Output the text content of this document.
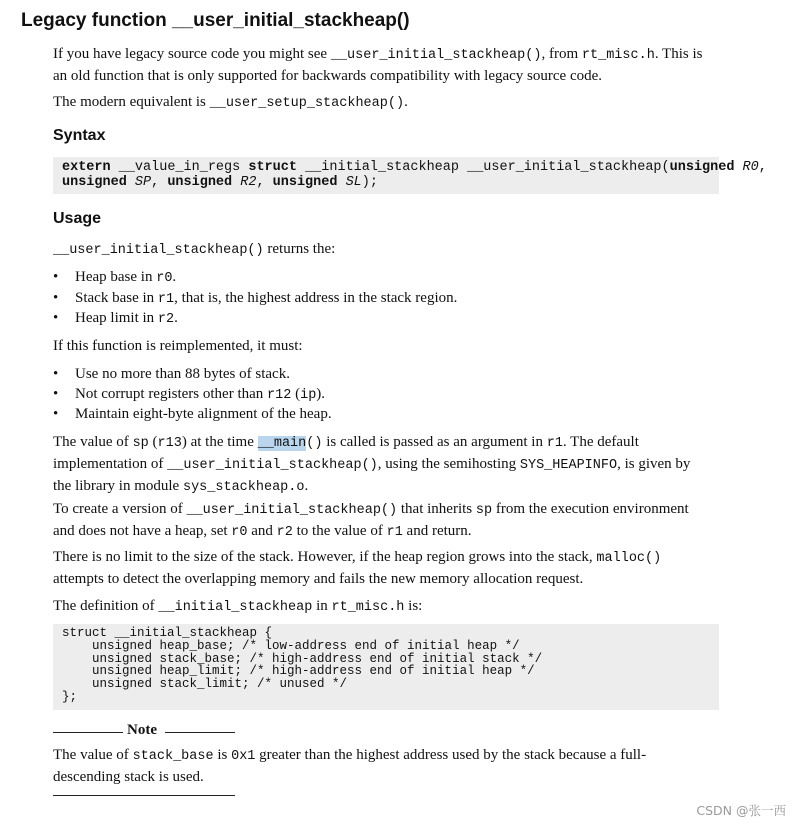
Legacy function __user_initial_stackheap()
If you have legacy source code you might see __user_initial_stackheap(), from rt_misc.h. This is
an old function that is only supported for backwards compatibility with legacy source code.
The modern equivalent is __user_setup_stackheap().
Syntax
extern __value_in_regs struct __initial_stackheap __user_initial_stackheap(unsigned R0,
unsigned SP, unsigned R2, unsigned SL);
Usage
__user_initial_stackheap() returns the:
• Heap base in r0.
• Stack base in r1, that is, the highest address in the stack region.
• Heap limit in r2.
If this function is reimplemented, it must:
• Use no more than 88 bytes of stack.
• Not corrupt registers other than r12 (ip).
• Maintain eight-byte alignment of the heap.
The value of sp (r13) at the time __main() is called is passed as an argument in r1. The default
implementation of __user_initial_stackheap(), using the semihosting SYS_HEAPINFO, is given by
the library in module sys_stackheap.o.
To create a version of __user_initial_stackheap() that inherits sp from the execution environment
and does not have a heap, set r0 and r2 to the value of r1 and return.
There is no limit to the size of the stack. However, if the heap region grows into the stack, malloc()
attempts to detect the overlapping memory and fails the new memory allocation request.
The definition of __initial_stackheap in rt_misc.h is:
struct __initial_stackheap {
unsigned heap_base; /* low-address end of initial heap */
unsigned stack_base; /* high-address end of initial stack */
unsigned heap_limit; /* high-address end of initial heap */
unsigned stack_limit; /* unused */
};
Note
The value of stack_base is 0x1 greater than the highest address used by the stack because a full-
descending stack is used.
CSDN @张一西
